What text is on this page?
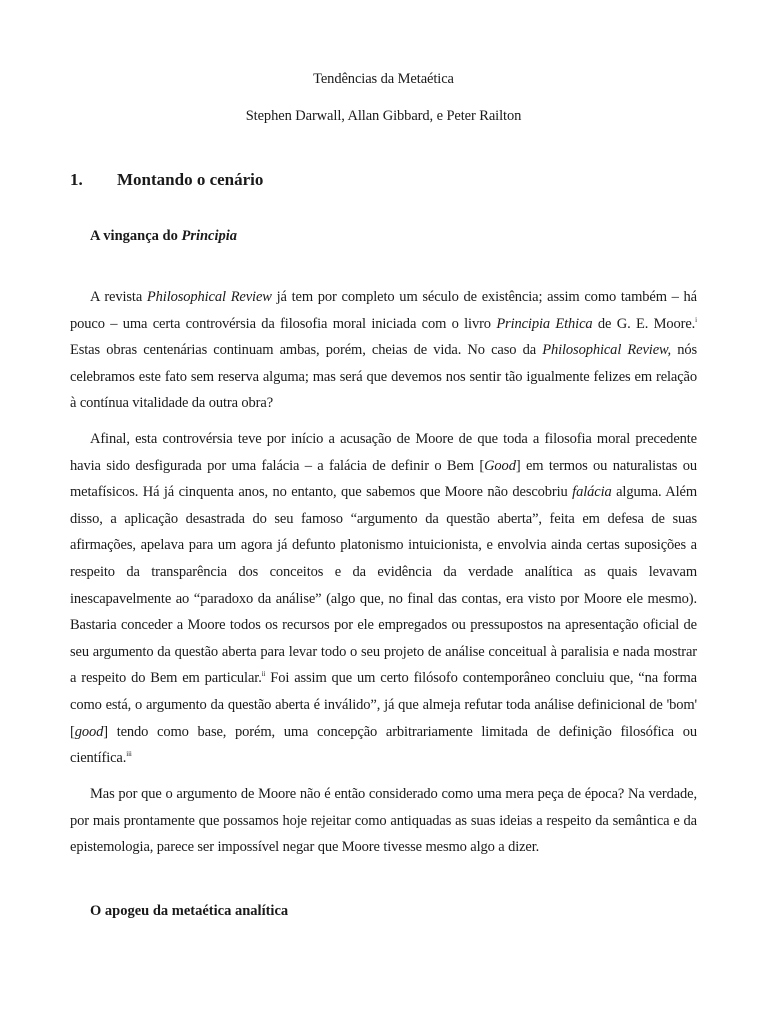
Tendências da Metaética
Stephen Darwall, Allan Gibbard, e Peter Railton
1. Montando o cenário
A vingança do Principia

A revista Philosophical Review já tem por completo um século de existência; assim como também – há pouco – uma certa controvérsia da filosofia moral iniciada com o livro Principia Ethica de G. E. Moore.$^i$ Estas obras centenárias continuam ambas, porém, cheias de vida. No caso da Philosophical Review, nós celebramos este fato sem reserva alguma; mas será que devemos nos sentir tão igualmente felizes em relação à contínua vitalidade da outra obra?

Afinal, esta controvérsia teve por início a acusação de Moore de que toda a filosofia moral precedente havia sido desfigurada por uma falácia – a falácia de definir o Bem [Good] em termos ou naturalistas ou metafísicos. Há já cinquenta anos, no entanto, que sabemos que Moore não descobriu falácia alguma. Além disso, a aplicação desastrada do seu famoso “argumento da questão aberta”, feita em defesa de suas afirmações, apelava para um agora já defunto platonismo intuicionista, e envolvia ainda certas suposições a respeito da transparência dos conceitos e da evidência da verdade analítica as quais levavam inescapavelmente ao “paradoxo da análise” (algo que, no final das contas, era visto por Moore ele mesmo). Bastaria conceder a Moore todos os recursos por ele empregados ou pressupostos na apresentação oficial de seu argumento da questão aberta para levar todo o seu projeto de análise conceitual à paralisia e nada mostrar a respeito do Bem em particular.$^{ii}$ Foi assim que um certo filósofo contemporâneo concluiu que, “na forma como está, o argumento da questão aberta é inválido”, já que almeja refutar toda análise definicional de 'bom' [good] tendo como base, porém, uma concepção arbitrariamente limitada de definição filosófica ou científica.$^{iii}$

Mas por que o argumento de Moore não é então considerado como uma mera peça de época? Na verdade, por mais prontamente que possamos hoje rejeitar como antiquadas as suas ideias a respeito da semântica e da epistemologia, parece ser impossível negar que Moore tivesse mesmo algo a dizer.

O apogeu da metaética analítica
